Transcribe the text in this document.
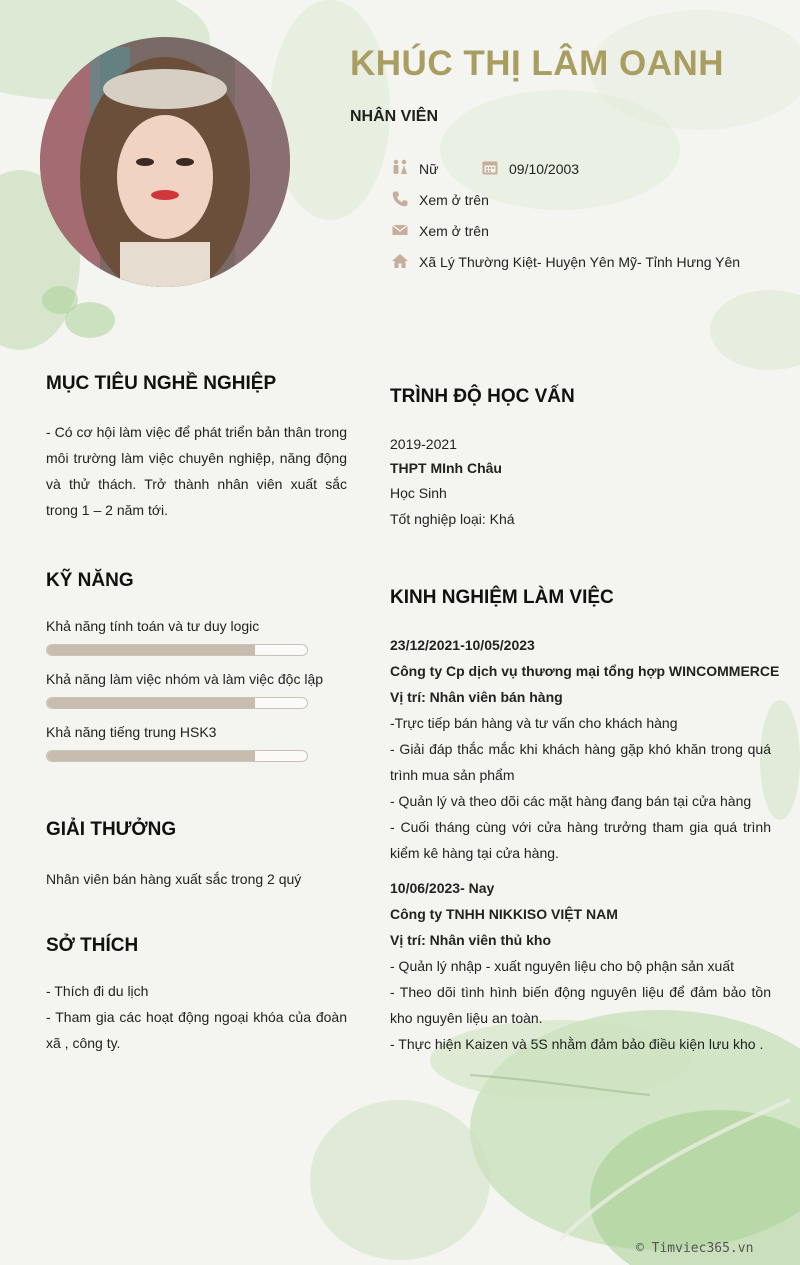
KHÚC THỊ LÂM OANH
NHÂN VIÊN
Nữ	09/10/2003
Xem ở trên
Xem ở trên
Xã Lý Thường Kiệt- Huyện Yên Mỹ- Tỉnh Hưng Yên
MỤC TIÊU NGHỀ NGHIỆP
- Có cơ hội làm việc để phát triển bản thân trong môi trường làm việc chuyên nghiệp, năng động và thử thách. Trở thành nhân viên xuất sắc trong 1 – 2 năm tới.
KỸ NĂNG
Khả năng tính toán và tư duy logic
Khả năng làm việc nhóm và làm việc độc lập
Khả năng tiếng trung HSK3
GIẢI THƯỞNG
Nhân viên bán hàng xuất sắc trong 2 quý
SỞ THÍCH
- Thích đi du lịch
- Tham gia các hoạt động ngoại khóa của đoàn xã , công ty.
TRÌNH ĐỘ HỌC VẤN
2019-2021
THPT MInh Châu
Học Sinh
Tốt nghiệp loại: Khá
KINH NGHIỆM LÀM VIỆC
23/12/2021-10/05/2023
Công ty Cp dịch vụ thương mại tổng hợp WINCOMMERCE
Vị trí: Nhân viên bán hàng
-Trực tiếp bán hàng và tư vấn cho khách hàng
- Giải đáp thắc mắc khi khách hàng gặp khó khăn trong quá trình mua sản phẩm
- Quản lý và theo dõi các mặt hàng đang bán tại cửa hàng
- Cuối tháng cùng với cửa hàng trưởng tham gia quá trình kiểm kê hàng tại cửa hàng.
10/06/2023- Nay
Công ty TNHH NIKKISO VIỆT NAM
Vị trí: Nhân viên thủ kho
- Quản lý nhập - xuất nguyên liệu cho bộ phận sản xuất
- Theo dõi tình hình biến động nguyên liệu để đảm bảo tồn kho nguyên liệu an toàn.
- Thực hiện Kaizen và 5S nhằm đảm bảo điều kiện lưu kho .
© Timviec365.vn
